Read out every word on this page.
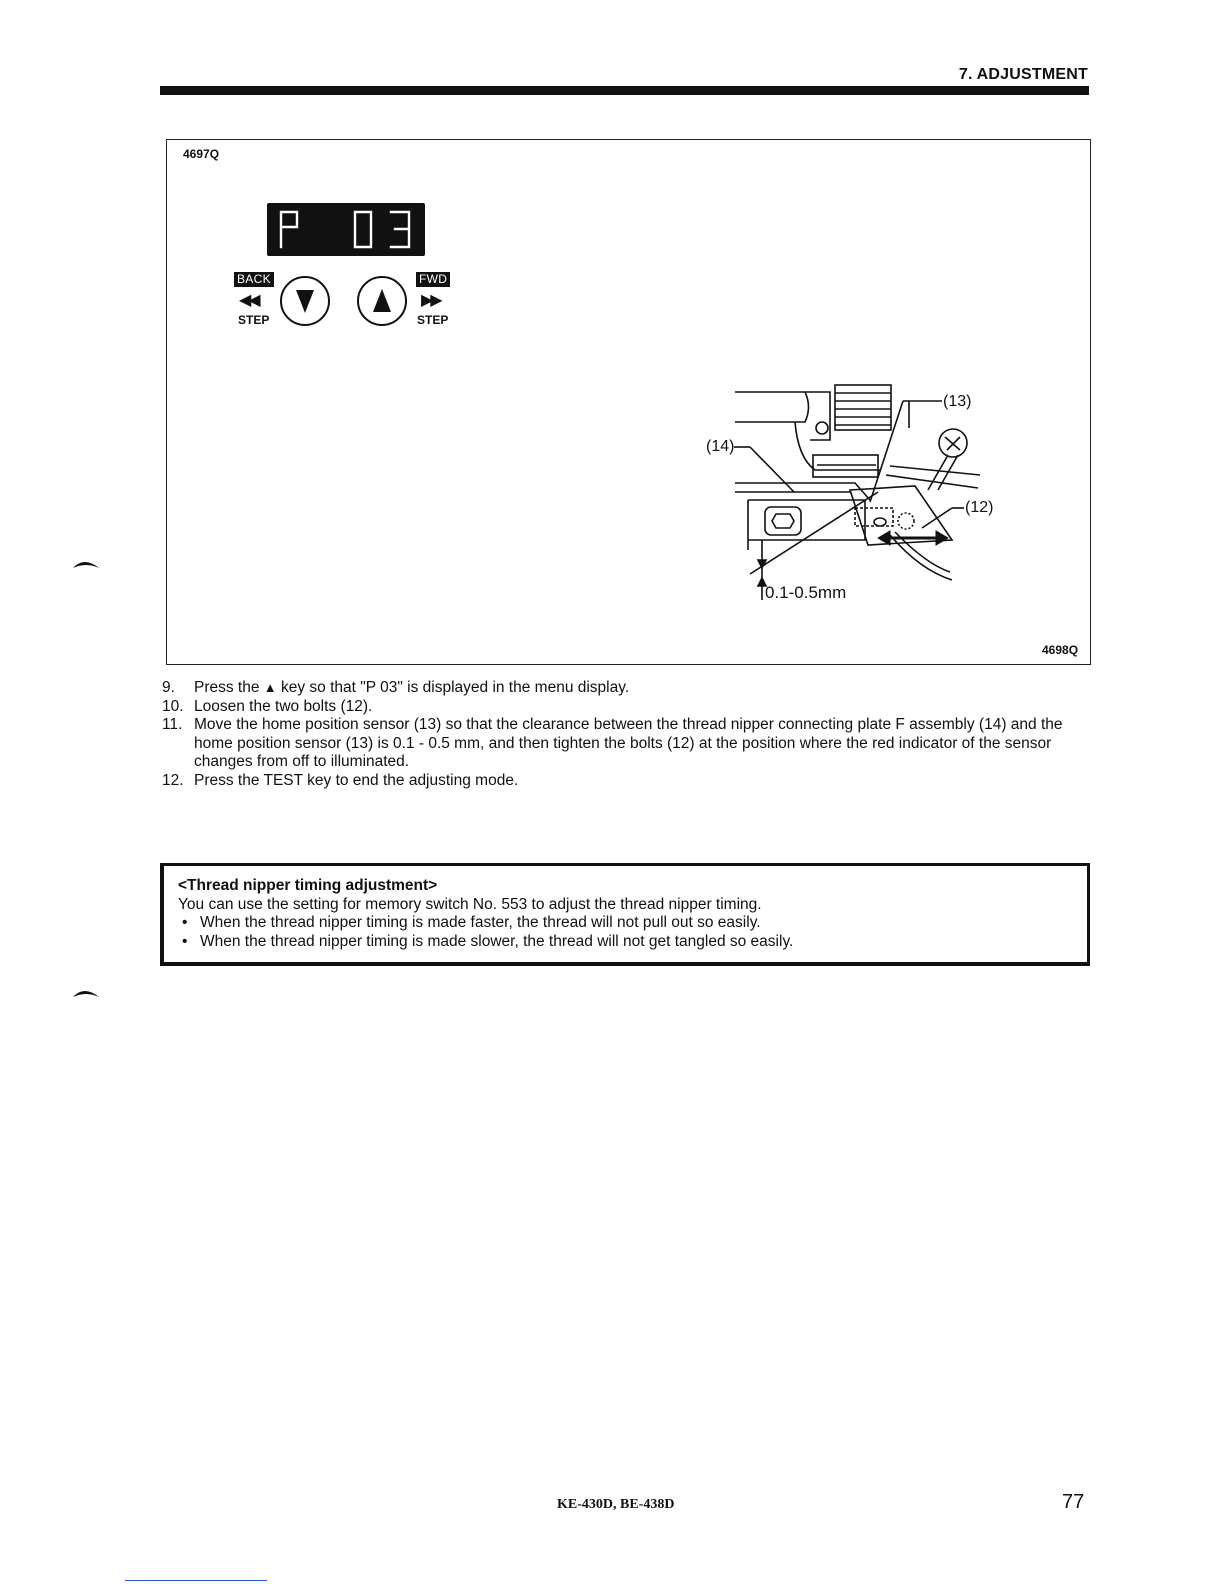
7. ADJUSTMENT
4697Q
4698Q
BACK
◀◀
STEP
FWD
▶▶
STEP
(13)
(14)
(12)
0.1-0.5mm
9. Press the ▲ key so that "P 03" is displayed in the menu display.
10. Loosen the two bolts (12).
11. Move the home position sensor (13) so that the clearance between the thread nipper connecting plate F assembly (14) and the home position sensor (13) is 0.1 - 0.5 mm, and then tighten the bolts (12) at the position where the red indicator of the sensor changes from off to illuminated.
12. Press the TEST key to end the adjusting mode.
<Thread nipper timing adjustment>
You can use the setting for memory switch No. 553 to adjust the thread nipper timing.
• When the thread nipper timing is made faster, the thread will not pull out so easily.
• When the thread nipper timing is made slower, the thread will not get tangled so easily.
KE-430D, BE-438D	77
